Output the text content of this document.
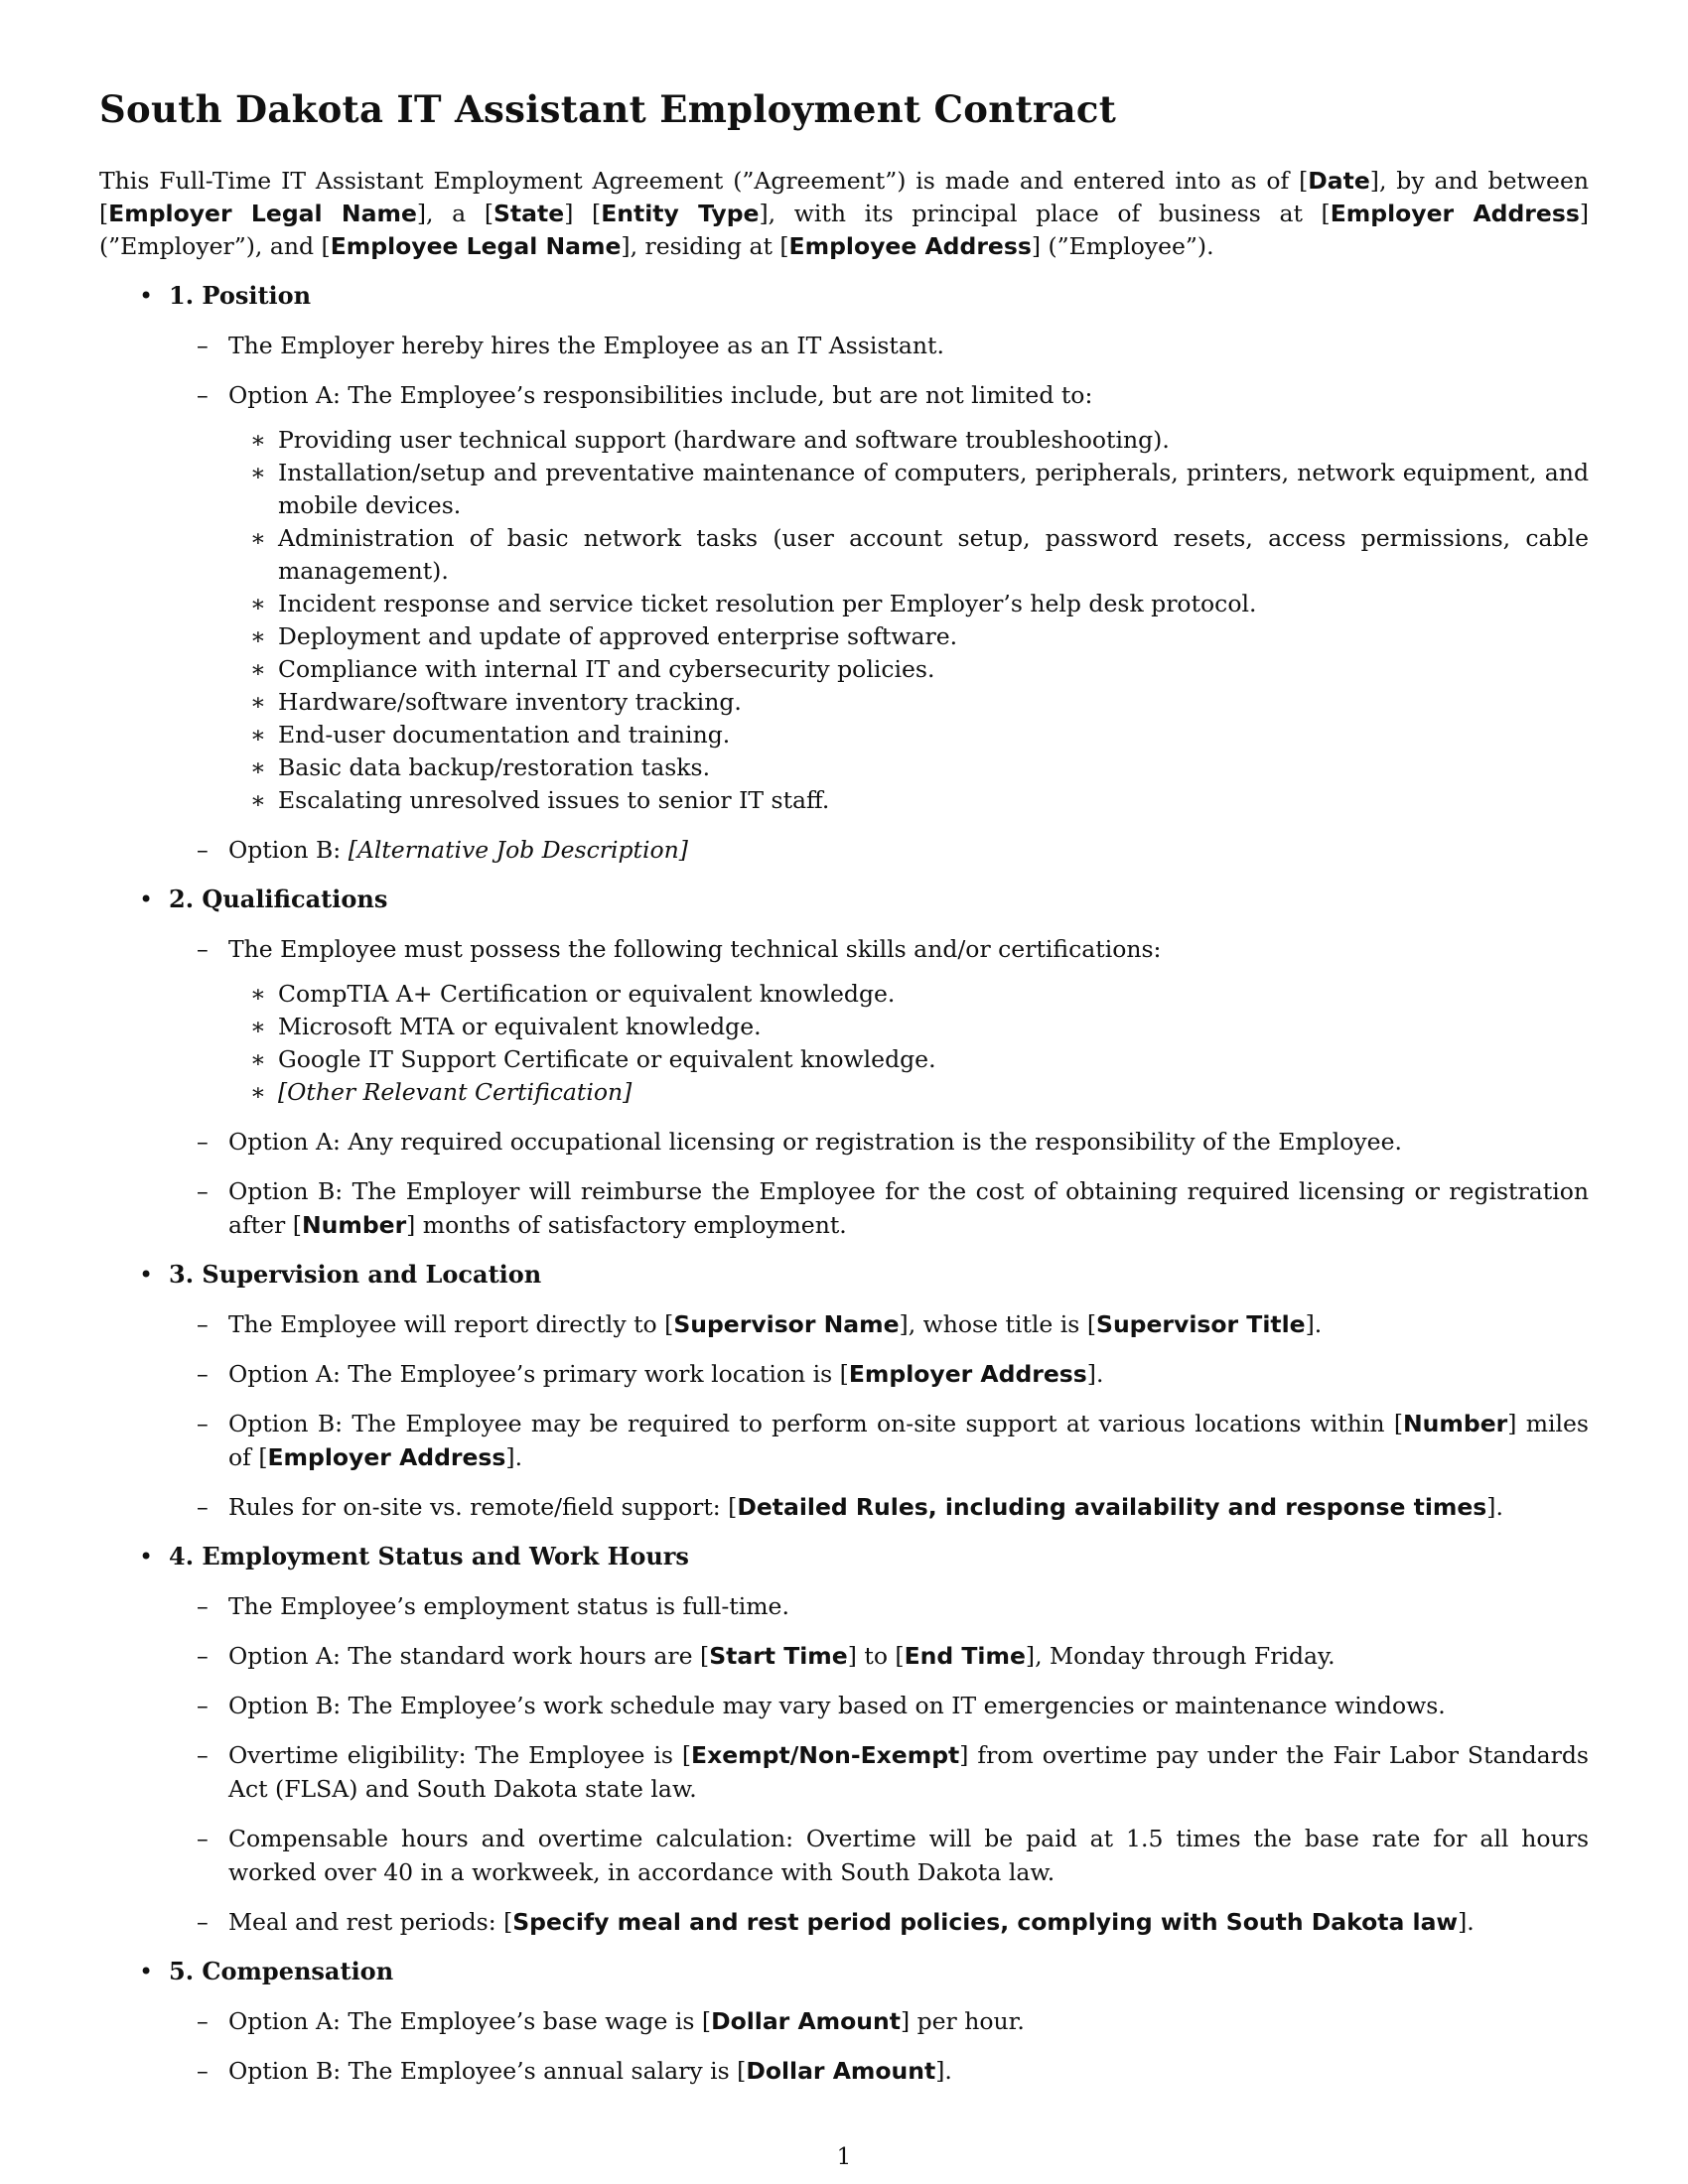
South Dakota IT Assistant Employment Contract

This Full-Time IT Assistant Employment Agreement (”Agreement”) is made and entered into as of [Date], by and between [Employer Legal Name], a [State] [Entity Type], with its principal place of business at [Employer Address] (”Employer”), and [Employee Legal Name], residing at [Employee Address] (”Employee”).

• 1. Position
– The Employer hereby hires the Employee as an IT Assistant.
– Option A: The Employee’s responsibilities include, but are not limited to:
∗ Providing user technical support (hardware and software troubleshooting).
∗ Installation/setup and preventative maintenance of computers, peripherals, printers, network equipment, and mobile devices.
∗ Administration of basic network tasks (user account setup, password resets, access permissions, cable management).
∗ Incident response and service ticket resolution per Employer’s help desk protocol.
∗ Deployment and update of approved enterprise software.
∗ Compliance with internal IT and cybersecurity policies.
∗ Hardware/software inventory tracking.
∗ End-user documentation and training.
∗ Basic data backup/restoration tasks.
∗ Escalating unresolved issues to senior IT staff.
– Option B: [Alternative Job Description]
• 2. Qualifications
– The Employee must possess the following technical skills and/or certifications:
∗ CompTIA A+ Certification or equivalent knowledge.
∗ Microsoft MTA or equivalent knowledge.
∗ Google IT Support Certificate or equivalent knowledge.
∗ [Other Relevant Certification]
– Option A: Any required occupational licensing or registration is the responsibility of the Employee.
– Option B: The Employer will reimburse the Employee for the cost of obtaining required licensing or registration after [Number] months of satisfactory employment.
• 3. Supervision and Location
– The Employee will report directly to [Supervisor Name], whose title is [Supervisor Title].
– Option A: The Employee’s primary work location is [Employer Address].
– Option B: The Employee may be required to perform on-site support at various locations within [Number] miles of [Employer Address].
– Rules for on-site vs. remote/field support: [Detailed Rules, including availability and response times].
• 4. Employment Status and Work Hours
– The Employee’s employment status is full-time.
– Option A: The standard work hours are [Start Time] to [End Time], Monday through Friday.
– Option B: The Employee’s work schedule may vary based on IT emergencies or maintenance windows.
– Overtime eligibility: The Employee is [Exempt/Non-Exempt] from overtime pay under the Fair Labor Standards Act (FLSA) and South Dakota state law.
– Compensable hours and overtime calculation: Overtime will be paid at 1.5 times the base rate for all hours worked over 40 in a workweek, in accordance with South Dakota law.
– Meal and rest periods: [Specify meal and rest period policies, complying with South Dakota law].
• 5. Compensation
– Option A: The Employee’s base wage is [Dollar Amount] per hour.
– Option B: The Employee’s annual salary is [Dollar Amount].
1
